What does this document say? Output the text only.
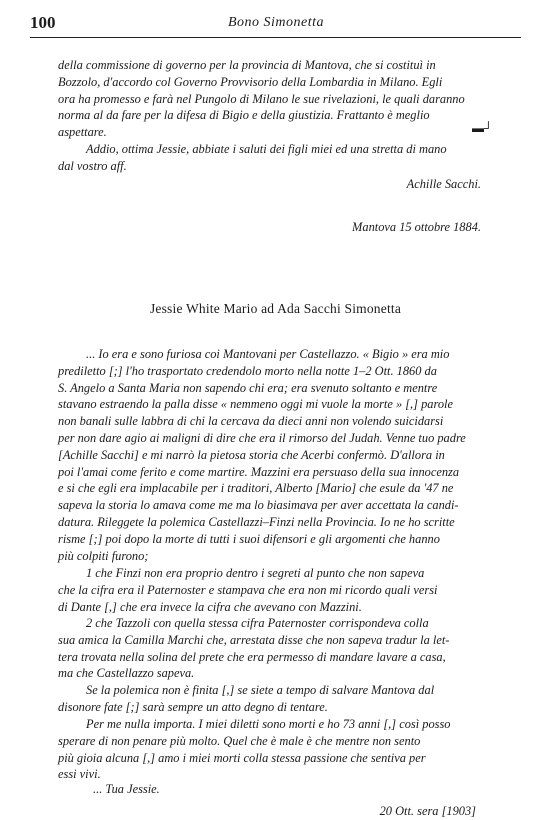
100	Bono Simonetta

della commissione di governo per la provincia di Mantova, che si costituì in

Bozzolo, d'accordo col Governo Provvisorio della Lombardia in Milano. Egli

ora ha promesso e farà nel Pungolo di Milano le sue rivelazioni, le quali daranno

norma al da fare per la difesa di Bigio e della giustizia. Frattanto è meglio

aspettare.	▬┘

Addio, ottima Jessie, abbiate i saluti dei figli miei ed una stretta di mano

dal vostro aff.

Achille Sacchi.
Mantova 15 ottobre 1884.
Jessie White Mario ad Ada Sacchi Simonetta

... Io era e sono furiosa coi Mantovani per Castellazzo. « Bigio » era mio

prediletto [;] l'ho trasportato credendolo morto nella notte 1–2 Ott. 1860 da

S. Angelo a Santa Maria non sapendo chi era; era svenuto soltanto e mentre

stavano estraendo la palla disse « nemmeno oggi mi vuole la morte » [,] parole

non banali sulle labbra di chi la cercava da dieci anni non volendo suicidarsi

per non dare agio ai maligni di dire che era il rimorso del Judah. Venne tuo padre

[Achille Sacchi] e mi narrò la pietosa storia che Acerbi confermò. D'allora in

poi l'amai come ferito e come martire. Mazzini era persuaso della sua innocenza

e si che egli era implacabile per i traditori, Alberto [Mario] che esule da '47 ne

sapeva la storia lo amava come me ma lo biasimava per aver accettata la candi-

datura. Rileggete la polemica Castellazzi–Finzi nella Provincia. Io ne ho scritte

risme [;] poi dopo la morte di tutti i suoi difensori e gli argomenti che hanno

più colpiti furono;

1 che Finzi non era proprio dentro i segreti al punto che non sapeva

che la cifra era il Paternoster e stampava che era non mi ricordo quali versi

di Dante [,] che era invece la cifra che avevano con Mazzini.

2 che Tazzoli con quella stessa cifra Paternoster corrispondeva colla

sua amica la Camilla Marchi che, arrestata disse che non sapeva tradur la let-

tera trovata nella solina del prete che era permesso di mandare lavare a casa,

ma che Castellazzo sapeva.

Se la polemica non è finita [,] se siete a tempo di salvare Mantova dal

disonore fate [;] sarà sempre un atto degno di tentare.

Per me nulla importa. I miei diletti sono morti e ho 73 anni [,] così posso

sperare di non penare più molto. Quel che è male è che mentre non sento

più gioia alcuna [,] amo i miei morti colla stessa passione che sentiva per

essi vivi.

... Tua Jessie.
20 Ott. sera [1903]
